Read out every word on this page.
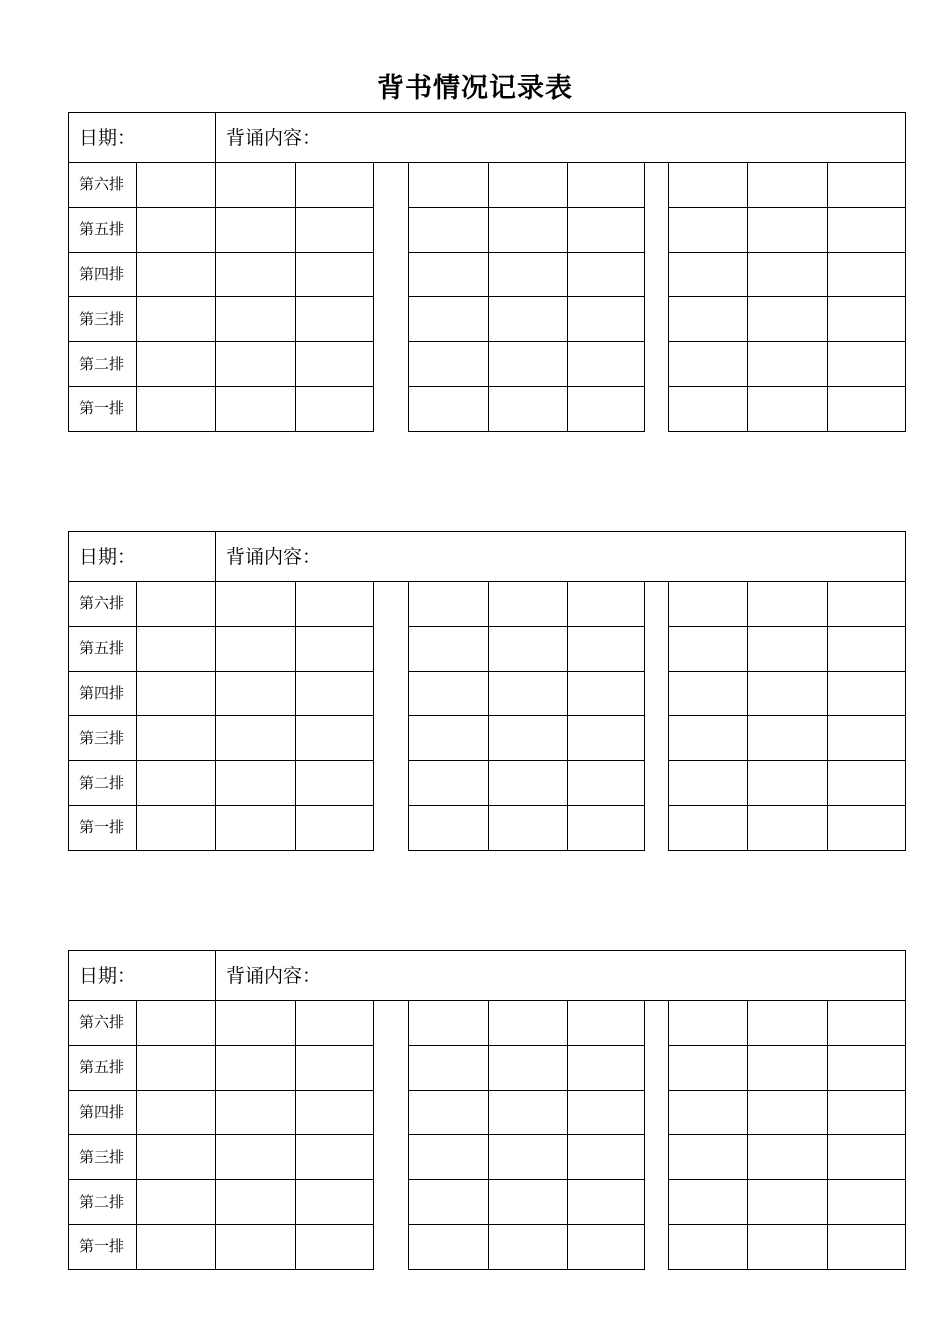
背书情况记录表
日期：	背诵内容：
第六排
第五排
第四排
第三排
第二排
第一排
日期：	背诵内容：
第六排
第五排
第四排
第三排
第二排
第一排
日期：	背诵内容：
第六排
第五排
第四排
第三排
第二排
第一排
